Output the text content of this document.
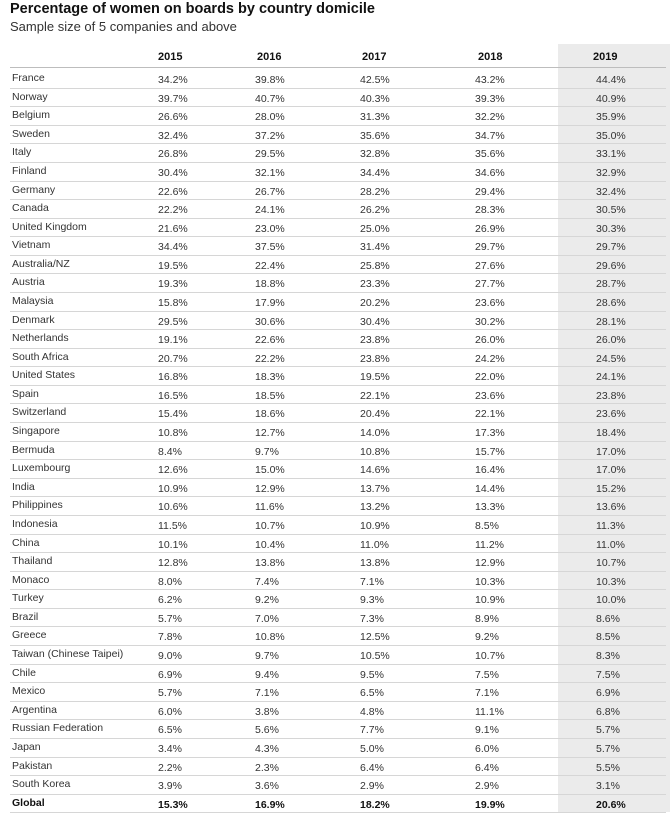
Percentage of women on boards by country domicile
Sample size of 5 companies and above
2015	2016	2017	2018	2019
France	34.2%	39.8%	42.5%	43.2%	44.4%
Norway	39.7%	40.7%	40.3%	39.3%	40.9%
Belgium	26.6%	28.0%	31.3%	32.2%	35.9%
Sweden	32.4%	37.2%	35.6%	34.7%	35.0%
Italy	26.8%	29.5%	32.8%	35.6%	33.1%
Finland	30.4%	32.1%	34.4%	34.6%	32.9%
Germany	22.6%	26.7%	28.2%	29.4%	32.4%
Canada	22.2%	24.1%	26.2%	28.3%	30.5%
United Kingdom	21.6%	23.0%	25.0%	26.9%	30.3%
Vietnam	34.4%	37.5%	31.4%	29.7%	29.7%
Australia/NZ	19.5%	22.4%	25.8%	27.6%	29.6%
Austria	19.3%	18.8%	23.3%	27.7%	28.7%
Malaysia	15.8%	17.9%	20.2%	23.6%	28.6%
Denmark	29.5%	30.6%	30.4%	30.2%	28.1%
Netherlands	19.1%	22.6%	23.8%	26.0%	26.0%
South Africa	20.7%	22.2%	23.8%	24.2%	24.5%
United States	16.8%	18.3%	19.5%	22.0%	24.1%
Spain	16.5%	18.5%	22.1%	23.6%	23.8%
Switzerland	15.4%	18.6%	20.4%	22.1%	23.6%
Singapore	10.8%	12.7%	14.0%	17.3%	18.4%
Bermuda	8.4%	9.7%	10.8%	15.7%	17.0%
Luxembourg	12.6%	15.0%	14.6%	16.4%	17.0%
India	10.9%	12.9%	13.7%	14.4%	15.2%
Philippines	10.6%	11.6%	13.2%	13.3%	13.6%
Indonesia	11.5%	10.7%	10.9%	8.5%	11.3%
China	10.1%	10.4%	11.0%	11.2%	11.0%
Thailand	12.8%	13.8%	13.8%	12.9%	10.7%
Monaco	8.0%	7.4%	7.1%	10.3%	10.3%
Turkey	6.2%	9.2%	9.3%	10.9%	10.0%
Brazil	5.7%	7.0%	7.3%	8.9%	8.6%
Greece	7.8%	10.8%	12.5%	9.2%	8.5%
Taiwan (Chinese Taipei)	9.0%	9.7%	10.5%	10.7%	8.3%
Chile	6.9%	9.4%	9.5%	7.5%	7.5%
Mexico	5.7%	7.1%	6.5%	7.1%	6.9%
Argentina	6.0%	3.8%	4.8%	11.1%	6.8%
Russian Federation	6.5%	5.6%	7.7%	9.1%	5.7%
Japan	3.4%	4.3%	5.0%	6.0%	5.7%
Pakistan	2.2%	2.3%	6.4%	6.4%	5.5%
South Korea	3.9%	3.6%	2.9%	2.9%	3.1%
Global	15.3%	16.9%	18.2%	19.9%	20.6%
